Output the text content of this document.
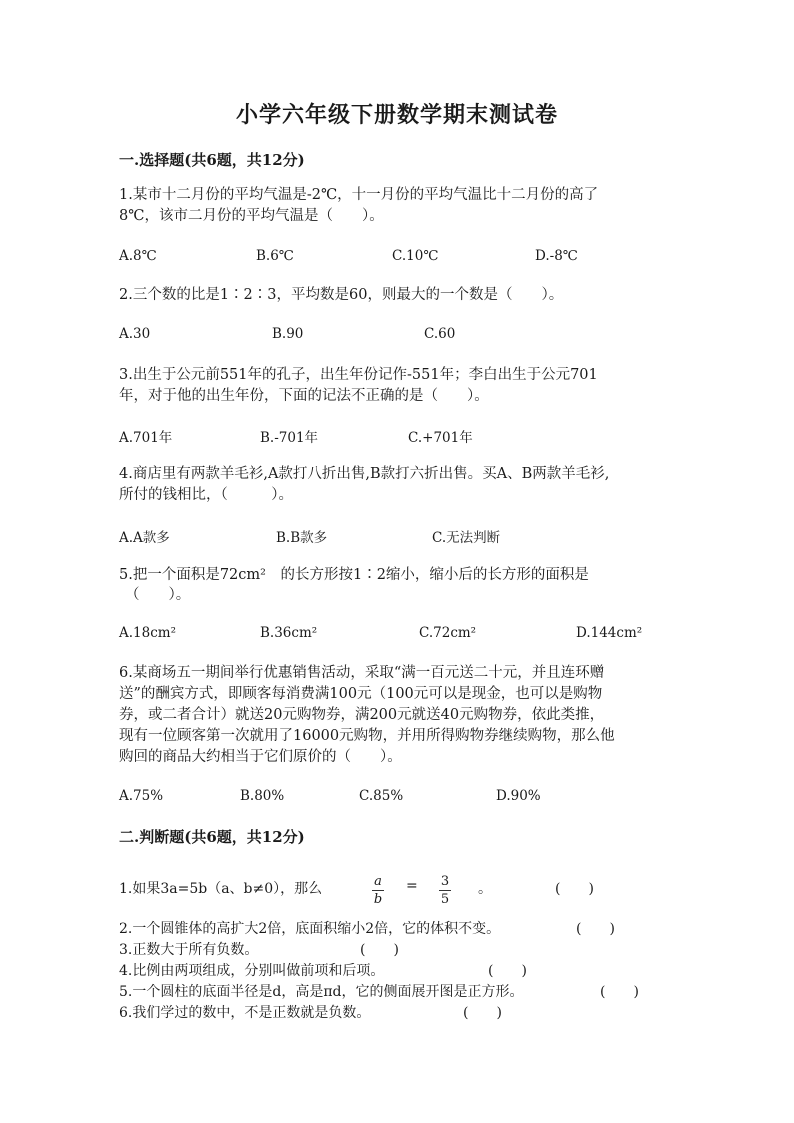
小学六年级下册数学期末测试卷
一.选择题(共6题，共12分)
1.某市十二月份的平均气温是-2℃，十一月份的平均气温比十二月份的高了
8℃，该市二月份的平均气温是（　　）。
A.8℃	B.6℃	C.10℃	D.-8℃
2.三个数的比是1∶2∶3，平均数是60，则最大的一个数是（　　）。
A.30	B.90	C.60
3.出生于公元前551年的孔子，出生年份记作-551年；李白出生于公元701
年，对于他的出生年份，下面的记法不正确的是（　　）。
A.701年	B.-701年	C.+701年
4.商店里有两款羊毛衫,A款打八折出售,B款打六折出售。买A、B两款羊毛衫,
所付的钱相比，（　　　）。
A.A款多	B.B款多	C.无法判断
5.把一个面积是72cm²　的长方形按1∶2缩小，缩小后的长方形的面积是
（　　）。
A.18cm²	B.36cm²	C.72cm²	D.144cm²
6.某商场五一期间举行优惠销售活动，采取“满一百元送二十元，并且连环赠
送”的酬宾方式，即顾客每消费满100元（100元可以是现金，也可以是购物
券，或二者合计）就送20元购物券，满200元就送40元购物券，依此类推，
现有一位顾客第一次就用了16000元购物，并用所得购物券继续购物，那么他
购回的商品大约相当于它们原价的（　　）。
A.75%	B.80%	C.85%	D.90%
二.判断题(共6题，共12分)
1.如果3a=5b（a、b≠0），那么	a
b
= 3
5
。	(　　)
2.一个圆锥体的高扩大2倍，底面积缩小2倍，它的体积不变。	(　　)
3.正数大于所有负数。	(　　)
4.比例由两项组成，分别叫做前项和后项。	(　　)
5.一个圆柱的底面半径是d，高是πd，它的侧面展开图是正方形。	(　　)
6.我们学过的数中，不是正数就是负数。	(　　)
